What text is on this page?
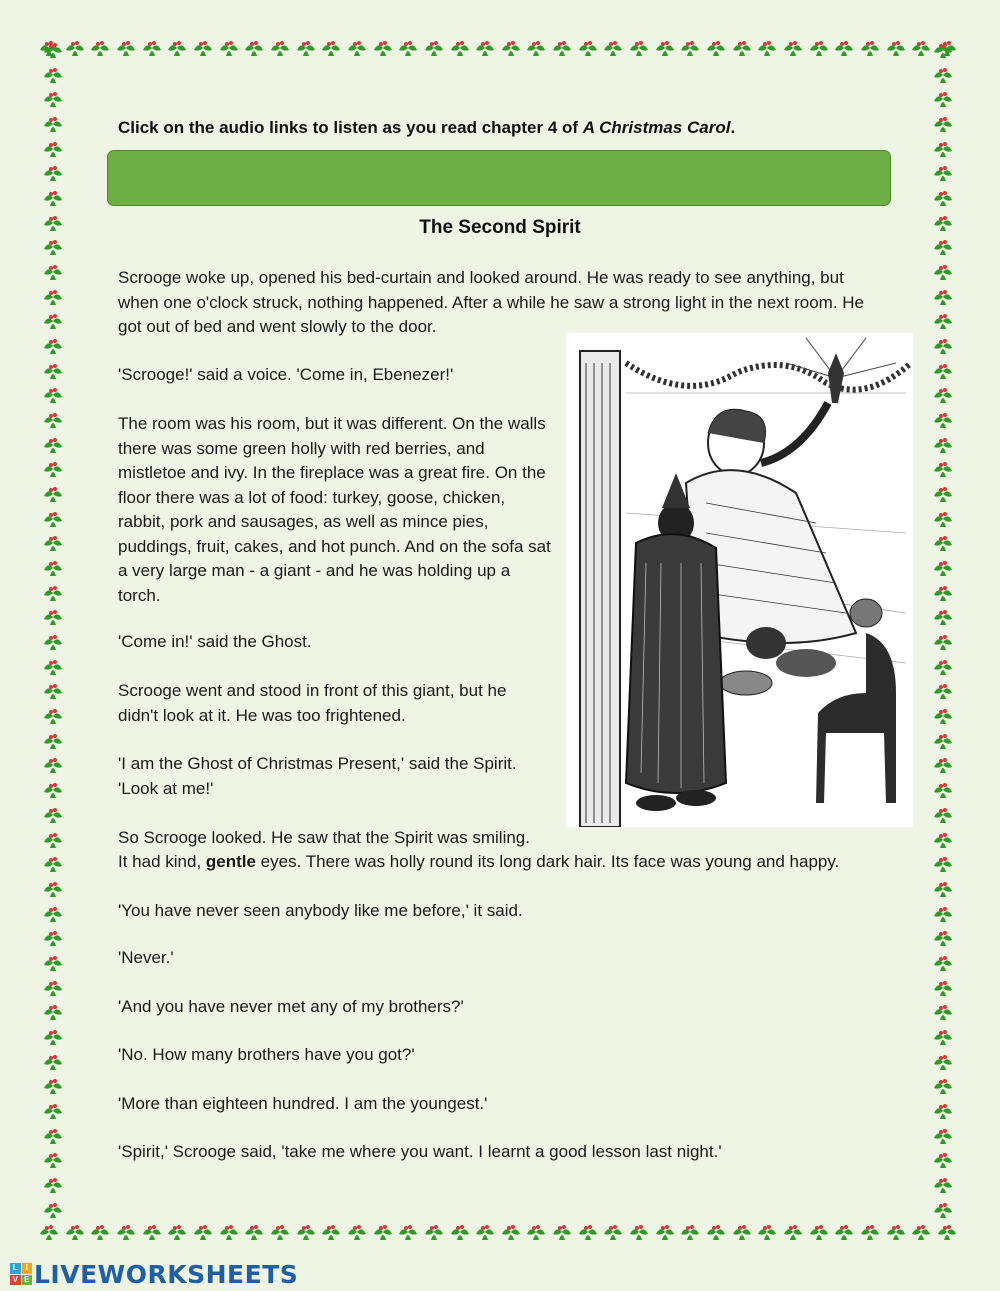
Click on the audio links to listen as you read chapter 4 of A Christmas Carol.
The Second Spirit
Scrooge woke up, opened his bed-curtain and looked around. He was ready to see anything, but when one o'clock struck, nothing happened. After a while he saw a strong light in the next room. He got out of bed and went slowly to the door.
'Scrooge!' said a voice. 'Come in, Ebenezer!'
The room was his room, but it was different. On the walls there was some green holly with red berries, and mistletoe and ivy. In the fireplace was a great fire. On the floor there was a lot of food: turkey, goose, chicken, rabbit, pork and sausages, as well as mince pies, puddings, fruit, cakes, and hot punch. And on the sofa sat a very large man - a giant - and he was holding up a torch.
'Come in!' said the Ghost.
Scrooge went and stood in front of this giant, but he didn't look at it. He was too frightened.
'I am the Ghost of Christmas Present,' said the Spirit. 'Look at me!'
So Scrooge looked. He saw that the Spirit was smiling.
It had kind, gentle eyes. There was holly round its long dark hair. Its face was young and happy.
'You have never seen anybody like me before,' it said.
'Never.'
'And you have never met any of my brothers?'
'No. How many brothers have you got?'
'More than eighteen hundred. I am the youngest.'
'Spirit,' Scrooge said, 'take me where you want. I learnt a good lesson last night.'
L I
V E LIVEWORKSHEETS
